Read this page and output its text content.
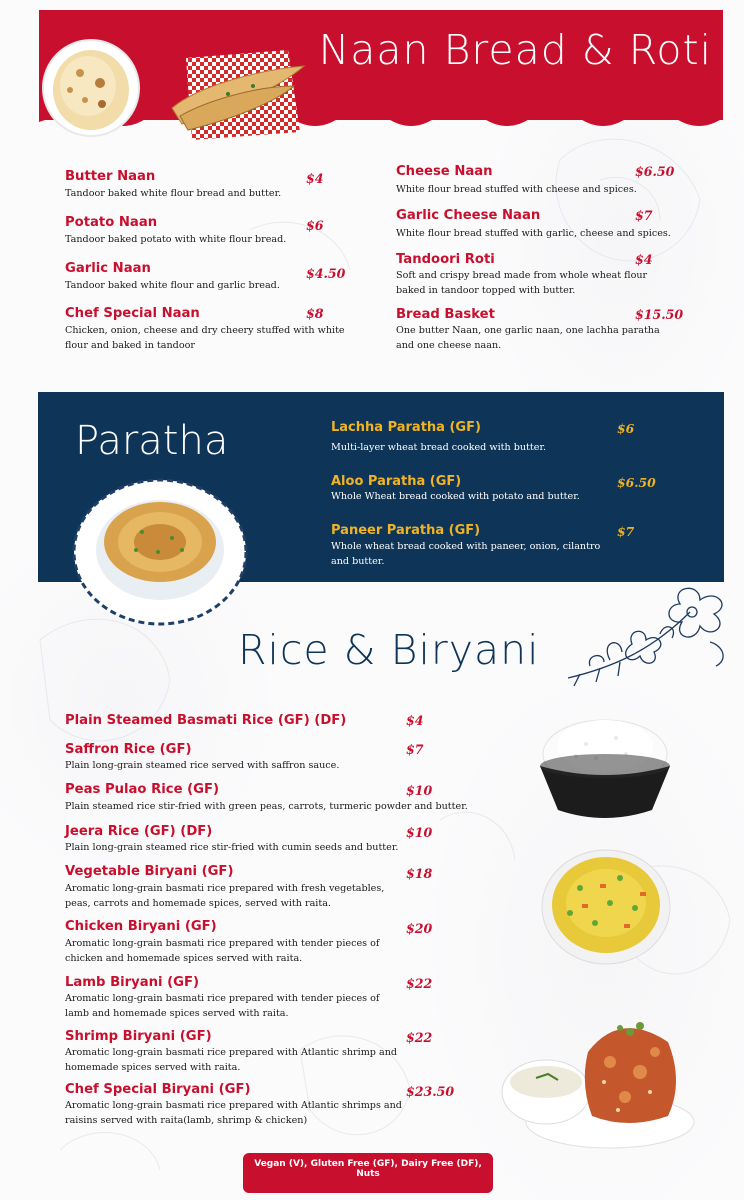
Naan Bread & Roti
Butter Naan	$4
Tandoor baked white flour bread and butter.
Potato Naan	$6
Tandoor baked potato with white flour bread.
Garlic Naan	$4.50
Tandoor baked white flour and garlic bread.
Chef Special Naan	$8
Chicken, onion, cheese and dry cheery stuffed with white
flour and baked in tandoor
Cheese Naan	$6.50
White flour bread stuffed with cheese and spices.
Garlic Cheese Naan	$7
White flour bread stuffed with garlic, cheese and spices.
Tandoori Roti	$4
Soft and crispy bread made from whole wheat flour
baked in tandoor topped with butter.
Bread Basket	$15.50
One butter Naan, one garlic naan, one lachha paratha
and one cheese naan.
Paratha	Lachha Paratha (GF)	$6
Multi-layer wheat bread cooked with butter.
Aloo Paratha (GF)	$6.50
Whole Wheat bread cooked with potato and butter.
Paneer Paratha (GF)	$7
Whole wheat bread cooked with paneer, onion, cilantro
and butter.
Rice & Biryani
Plain Steamed Basmati Rice (GF) (DF)	$4
Saffron Rice (GF)	$7
Plain long-grain steamed rice served with saffron sauce.
Peas Pulao Rice (GF)	$10
Plain steamed rice stir-fried with green peas, carrots, turmeric powder and butter.
Jeera Rice (GF) (DF)	$10
Plain long-grain steamed rice stir-fried with cumin seeds and butter.
Vegetable Biryani (GF)	$18
Aromatic long-grain basmati rice prepared with fresh vegetables,
peas, carrots and homemade spices, served with raita.
Chicken Biryani (GF)	$20
Aromatic long-grain basmati rice prepared with tender pieces of
chicken and homemade spices served with raita.
Lamb Biryani (GF)	$22
Aromatic long-grain basmati rice prepared with tender pieces of
lamb and homemade spices served with raita.
Shrimp Biryani (GF)	$22
Aromatic long-grain basmati rice prepared with Atlantic shrimp and
homemade spices served with raita.
Chef Special Biryani (GF)	$23.50
Aromatic long-grain basmati rice prepared with Atlantic shrimps and
raisins served with raita(lamb, shrimp & chicken)
Vegan (V), Gluten Free (GF), Dairy Free (DF), Nuts
